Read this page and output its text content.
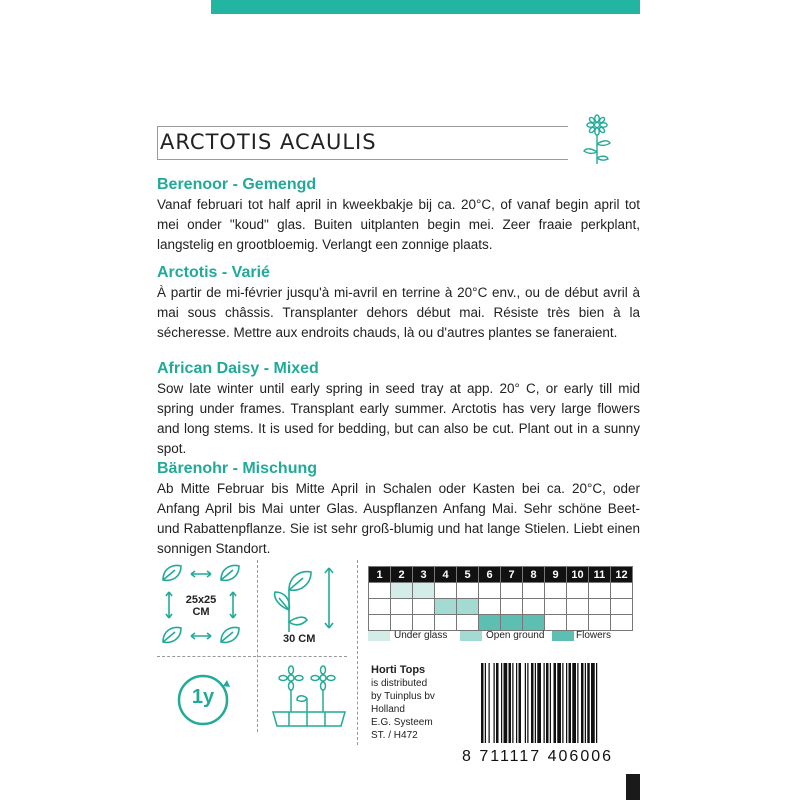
ARCTOTIS ACAULIS
Berenoor - Gemengd

Vanaf februari tot half april in kweekbakje bij ca. 20°C, of vanaf begin april tot mei onder "koud" glas. Buiten uitplanten begin mei. Zeer fraaie perkplant, langstelig en grootbloemig. Verlangt een zonnige plaats.

Arctotis - Varié

À partir de mi-février jusqu'à mi-avril en terrine à 20°C env., ou de début avril à mai sous châssis. Transplanter dehors début mai. Résiste très bien à la sécheresse. Mettre aux endroits chauds, là ou d'autres plantes se faneraient.

African Daisy - Mixed

Sow late winter until early spring in seed tray at app. 20° C, or early till mid spring under frames. Transplant early summer. Arctotis has very large flowers and long stems. It is used for bedding, but can also be cut. Plant out in a sunny spot.

Bärenohr - Mischung

Ab Mitte Februar bis Mitte April in Schalen oder Kasten bei ca. 20°C, oder Anfang April bis Mai unter Glas. Auspflanzen Anfang Mai. Sehr schöne Beet- und Rabattenpflanze. Sie ist sehr groß-blumig und hat lange Stielen. Liebt einen sonnigen Standort.

25x25
CM
30 CM
1y
1	2	3	4	5	6	7	8	9	10	11	12

Under glass	Open ground	Flowers
Horti Tops
is distributed
by Tuinplus bv
Holland
E.G. Systeem
ST. / H472
8 711117 406006
